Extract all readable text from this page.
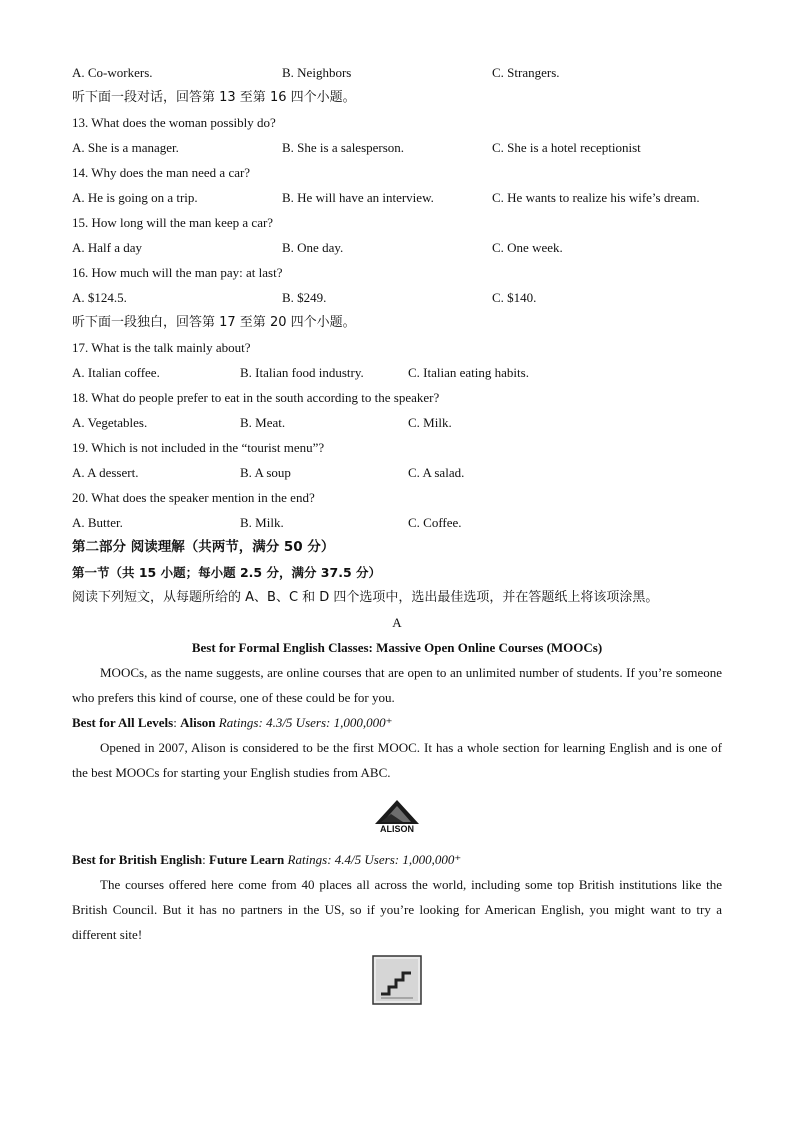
A. Co-workers.	B. Neighbors	C. Strangers.
听下面一段对话，回答第 13 至第 16 四个小题。
13. What does the woman possibly do?
A. She is a manager.	B. She is a salesperson.	C. She is a hotel receptionist
14. Why does the man need a car?
A. He is going on a trip.	B. He will have an interview.	C. He wants to realize his wife’s dream.
15. How long will the man keep a car?
A. Half a day	B. One day.	C. One week.
16. How much will the man pay: at last?
A. $124.5.	B. $249.	C. $140.
听下面一段独白，回答第 17 至第 20 四个小题。
17. What is the talk mainly about?
A. Italian coffee.	B. Italian food industry.	C. Italian eating habits.
18. What do people prefer to eat in the south according to the speaker?
A. Vegetables.	B. Meat.	C. Milk.
19. Which is not included in the “tourist menu”?
A. A dessert.	B. A soup	C. A salad.
20. What does the speaker mention in the end?
A. Butter.	B. Milk.	C. Coffee.
第二部分 阅读理解（共两节，满分 50 分）
第一节（共 15 小题；每小题 2.5 分，满分 37.5 分）
阅读下列短文，从每题所给的 A、B、C 和 D 四个选项中，选出最佳选项，并在答题纸上将该项涂黑。
A
Best for Formal English Classes: Massive Open Online Courses (MOOCs)

MOOCs, as the name suggests, are online courses that are open to an unlimited number of students. If you’re someone who prefers this kind of course, one of these could be for you.

Best for All Levels: Alison Ratings: 4.3/5 Users: 1,000,000⁺

Opened in 2007, Alison is considered to be the first MOOC. It has a whole section for learning English and is one of the best MOOCs for starting your English studies from ABC.

ALISON
Best for British English: Future Learn Ratings: 4.4/5 Users: 1,000,000⁺

The courses offered here come from 40 places all across the world, including some top British institutions like the British Council. But it has no partners in the US, so if you’re looking for American English, you might want to try a different site!
